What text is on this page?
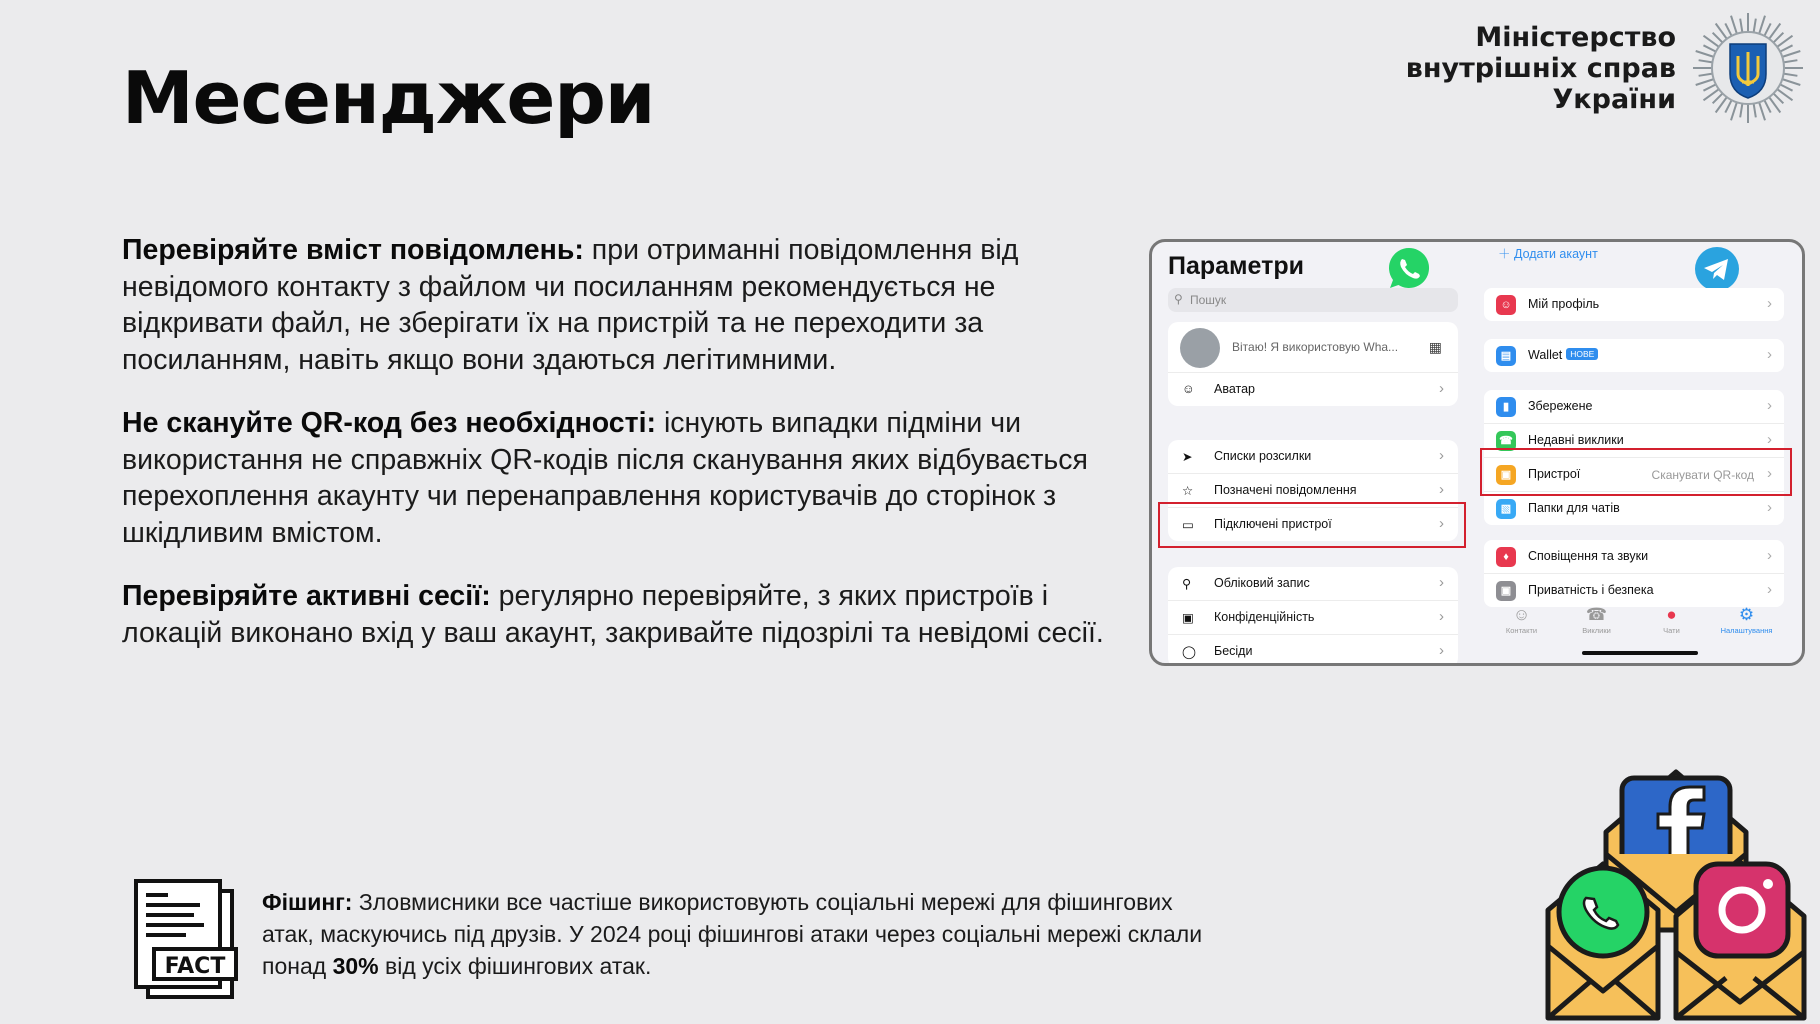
Месенджери
Міністерство
внутрішніх справ
України
Перевіряйте вміст повідомлень: при отриманні повідомлення від невідомого контакту з файлом чи посиланням рекомендується не відкривати файл, не зберігати їх на пристрій та не переходити за посиланням, навіть якщо вони здаються легітимними.
Не скануйте QR-код без необхідності: існують випадки підміни чи використання не справжніх QR-кодів після сканування яких відбувається перехоплення акаунту чи перенаправлення користувачів до сторінок з шкідливим вмістом.
Перевіряйте активні сесії: регулярно перевіряйте, з яких пристроїв і локацій виконано вхід у ваш акаунт, закривайте підозрілі та невідомі сесії.
Параметри
⚲ Пошук
Вітаю! Я використовую Wha... ▦
☺ Аватар	›
➤	Списки розсилки	›
☆	Позначені повідомлення	›
▭	Підключені пристрої	›
⚲	Обліковий запис	›
▣	Конфіденційність	›
◯ Бесіди	›
＋ Додати акаунт
☺	Мій профіль	›
▤	Wallet НОВЕ	›
▮	Збережене	›
☎ Недавні виклики	›
▣	Пристрої	Сканувати QR-код ›
▧	Папки для чатів	›
♦	Сповіщення та звуки	›
▣	Приватність і безпека	›
☺
Контакти
☎
Виклики
●
Чати
⚙
Налаштування
FACT
Фішинг: Зловмисники все частіше використовують соціальні мережі для фішингових атак, маскуючись під друзів. У 2024 році фішингові атаки через соціальні мережі склали понад 30% від усіх фішингових атак.
